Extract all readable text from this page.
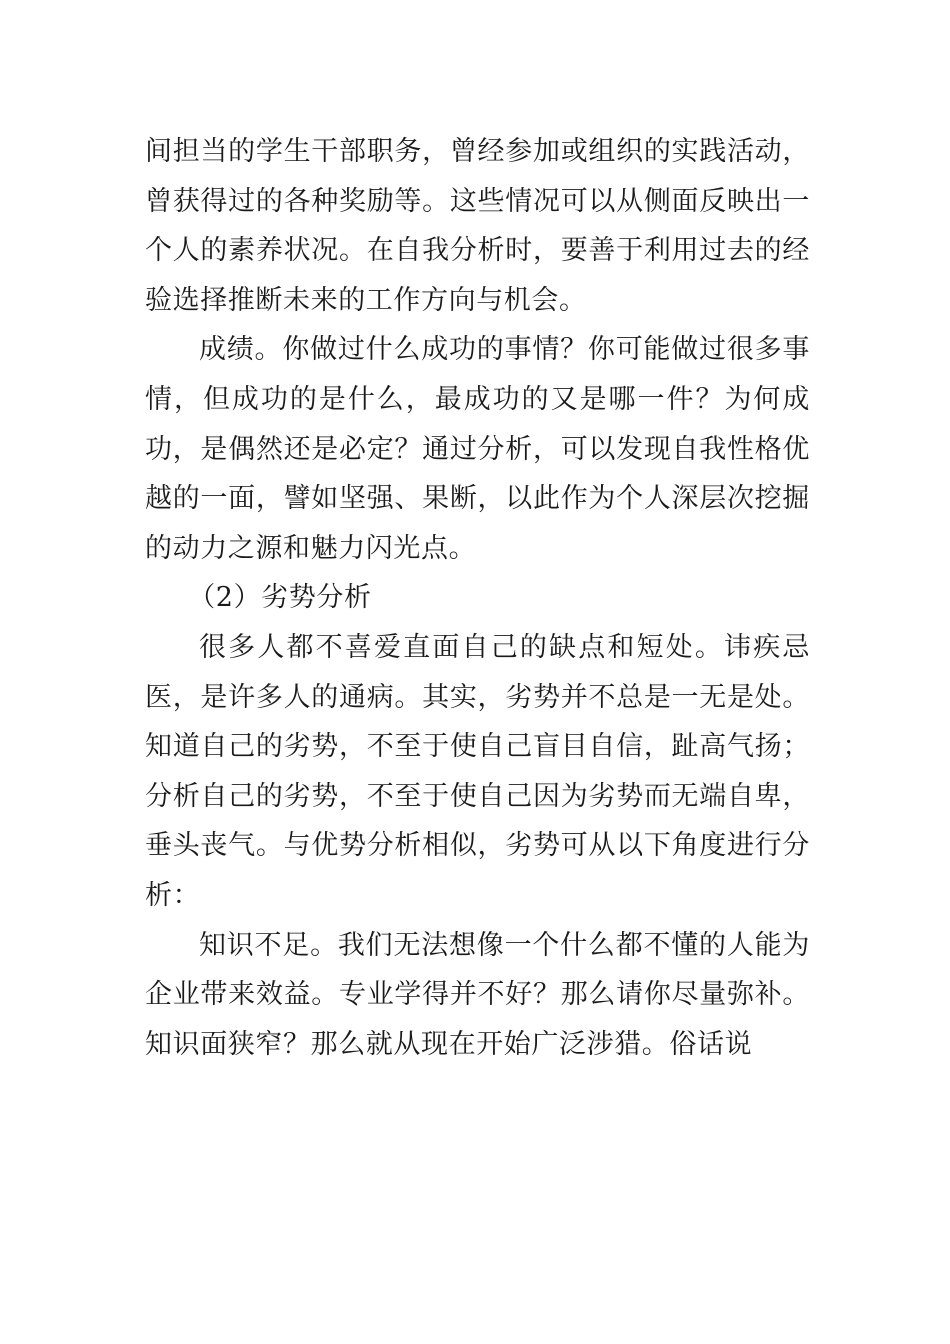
间担当的学生干部职务，曾经参加或组织的实践活动，曾获得过的各种奖励等。这些情况可以从侧面反映出一个人的素养状况。在自我分析时，要善于利用过去的经验选择推断未来的工作方向与机会。

成绩。你做过什么成功的事情？你可能做过很多事情，但成功的是什么，最成功的又是哪一件？为何成功，是偶然还是必定？通过分析，可以发现自我性格优越的一面，譬如坚强、果断，以此作为个人深层次挖掘的动力之源和魅力闪光点。

（2）劣势分析

很多人都不喜爱直面自己的缺点和短处。讳疾忌医，是许多人的通病。其实，劣势并不总是一无是处。知道自己的劣势，不至于使自己盲目自信，趾高气扬；分析自己的劣势，不至于使自己因为劣势而无端自卑，垂头丧气。与优势分析相似，劣势可从以下角度进行分析：

知识不足。我们无法想像一个什么都不懂的人能为企业带来效益。专业学得并不好？那么请你尽量弥补。知识面狭窄？那么就从现在开始广泛涉猎。俗话说
